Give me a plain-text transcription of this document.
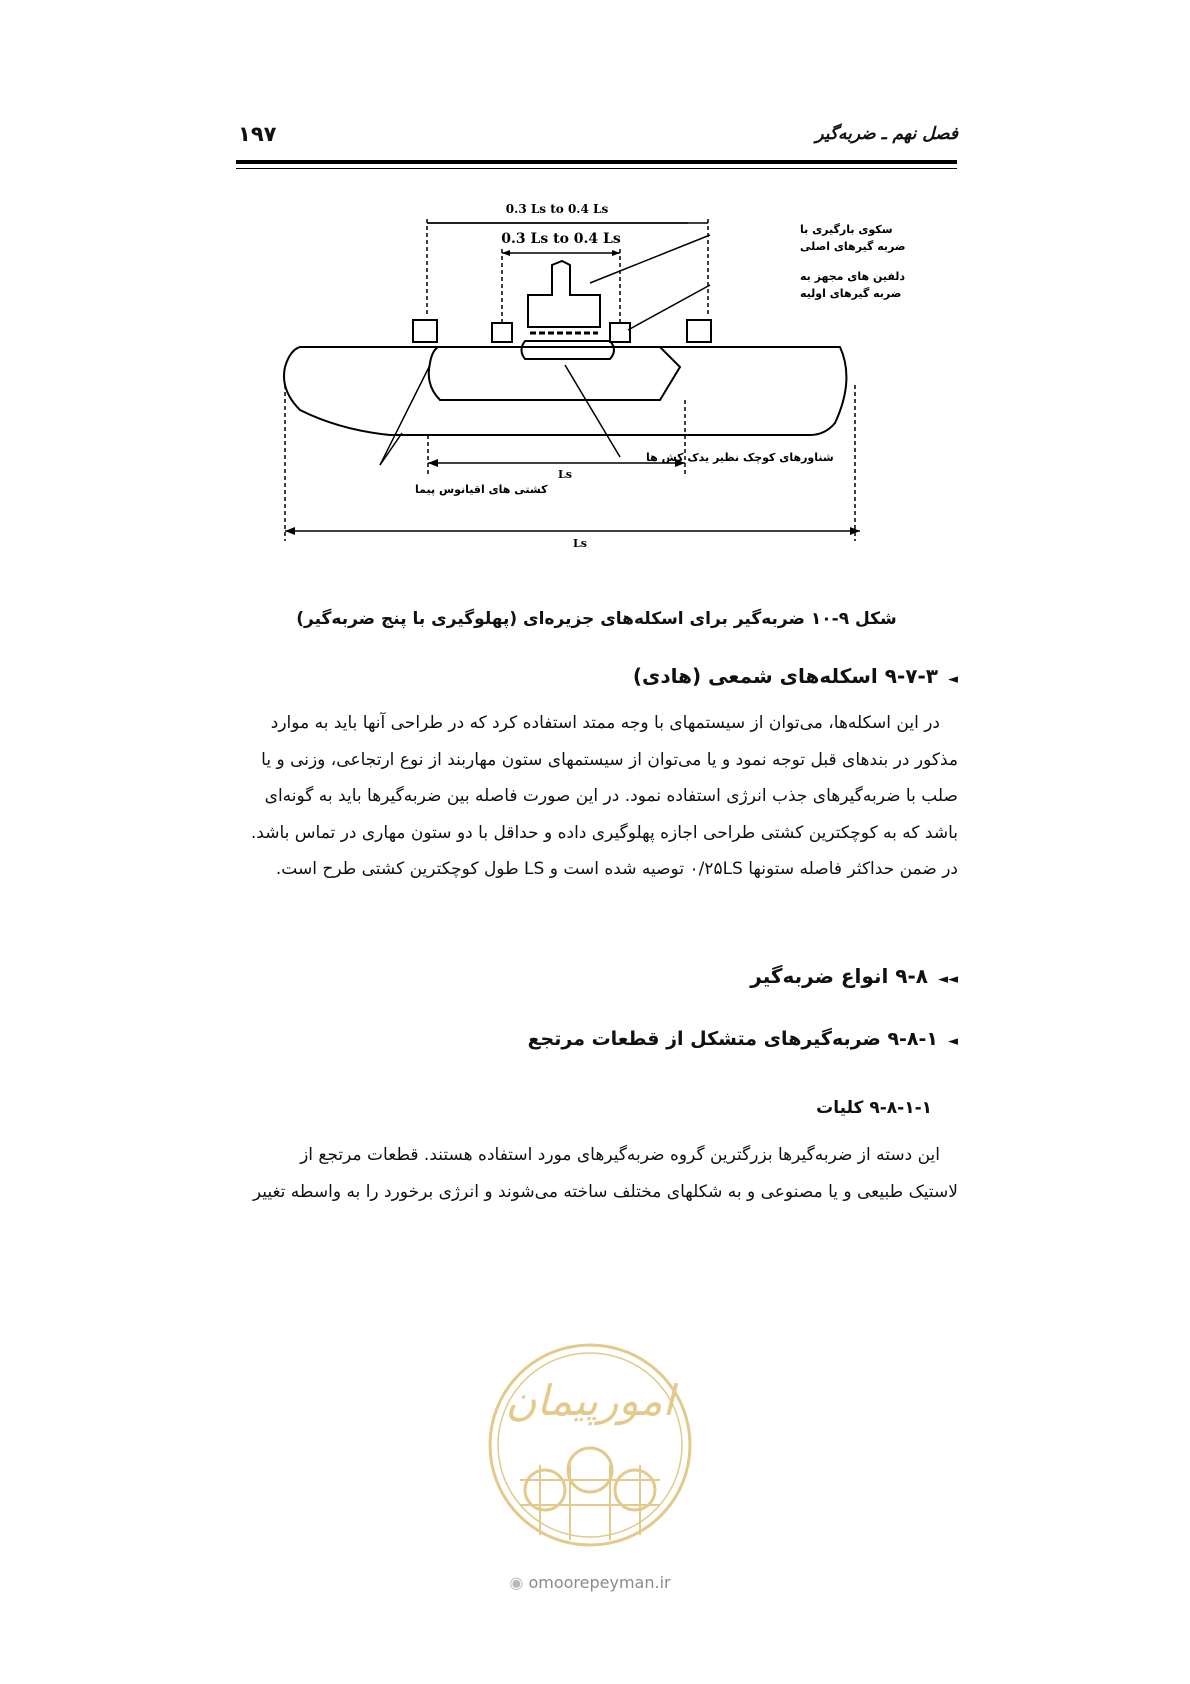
۱۹۷	فصل نهم ـ ضربه‌گیر
0.3 Ls to 0.4 Ls
0.3 Ls to 0.4 Ls
سکوی بارگیری با
ضربه گیرهای اصلی
دلفین های مجهز به
ضربه گیرهای اولیه
شناورهای کوچک نظیر یدک کش ها
Ls
کشتی های اقیانوس پیما
Ls
شکل ۹-۱۰ ضربه‌گیر برای اسکله‌های جزیره‌ای (پهلوگیری با پنج ضربه‌گیر)
◄۹-۷-۳ اسکله‌های شمعی (هادی)
در این اسکله‌ها، می‌توان از سیستمهای با وجه ممتد استفاده کرد که در طراحی آنها باید به موارد
مذکور در بندهای قبل توجه نمود و یا می‌توان از سیستمهای ستون مهاربند از نوع ارتجاعی، وزنی و یا
صلب با ضربه‌گیرهای جذب انرژی استفاده نمود. در این صورت فاصله بین ضربه‌گیرها باید به گونه‌ای
باشد که به کوچکترین کشتی طراحی اجازه پهلوگیری داده و حداقل با دو ستون مهاری در تماس باشد.
در ضمن حداکثر فاصله ستونها ۰/۲۵LS توصیه شده است و LS طول کوچکترین کشتی طرح است.
◄◄۹-۸ انواع ضربه‌گیر
◄۹-۸-۱ ضربه‌گیرهای متشکل از قطعات مرتجع
۹-۸-۱-۱ کلیات
این دسته از ضربه‌گیرها بزرگترین گروه ضربه‌گیرهای مورد استفاده هستند. قطعات مرتجع از
لاستیک طبیعی و یا مصنوعی و به شکلهای مختلف ساخته می‌شوند و انرژی برخورد را به واسطه تغییر
امورپیمان
◉ omoorepeyman.ir
